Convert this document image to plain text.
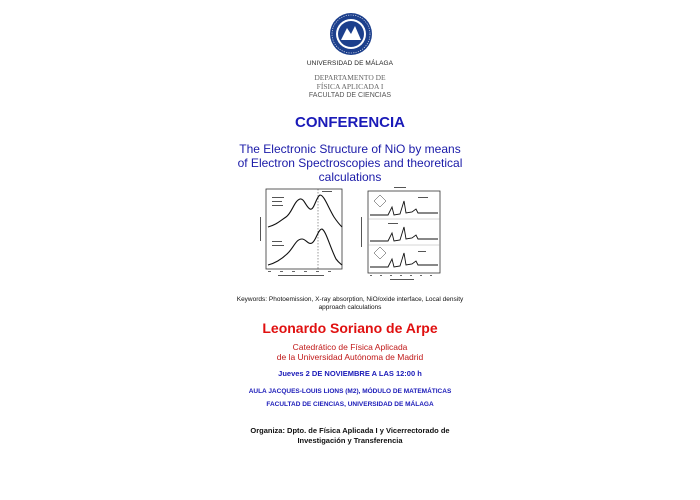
UNIVERSIDAD DE MÁLAGA
DEPARTAMENTO DE
FÍSICA APLICADA I
FACULTAD DE CIENCIAS
CONFERENCIA
The Electronic Structure of NiO by means
of Electron Spectroscopies and theoretical
calculations
Keywords: Photoemission, X-ray absorption, NiO/oxide interface, Local density
approach calculations
Leonardo Soriano de Arpe
Catedrático de Física Aplicada
de la Universidad Autónoma de Madrid
Jueves 2 DE NOVIEMBRE A LAS 12:00 h
AULA JACQUES-LOUIS LIONS (M2), MÓDULO DE MATEMÁTICAS
FACULTAD DE CIENCIAS, UNIVERSIDAD DE MÁLAGA
Organiza: Dpto. de Física Aplicada I y Vicerrectorado de
Investigación y Transferencia
